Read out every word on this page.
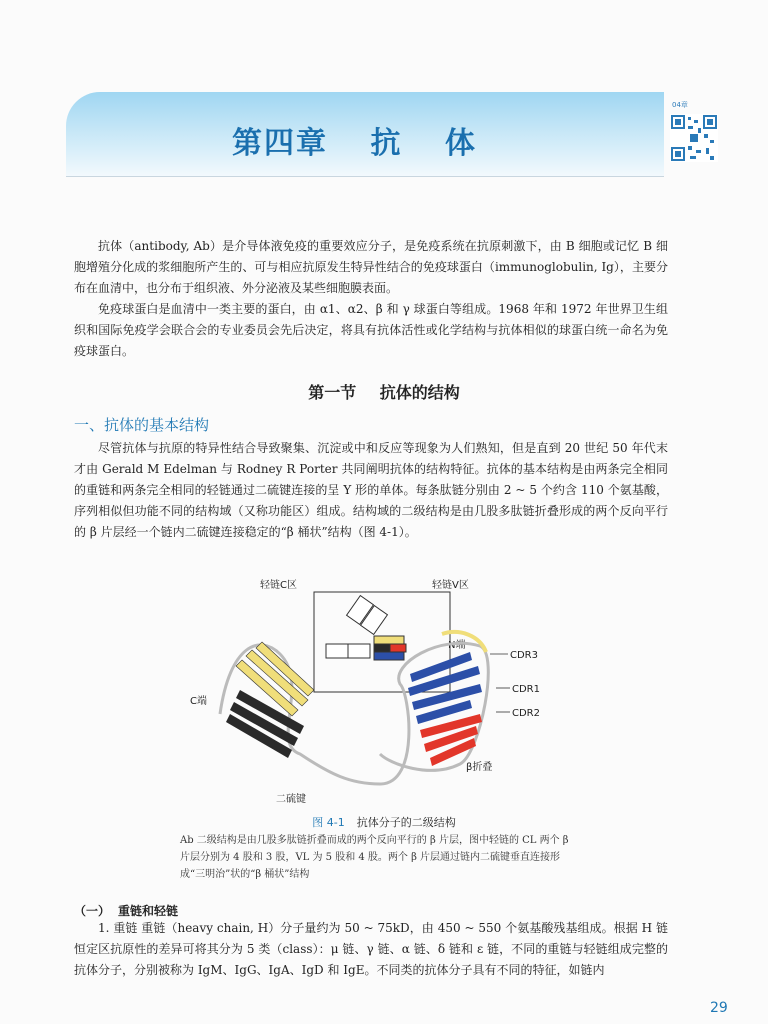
第四章 抗 体
04章

抗体（antibody, Ab）是介导体液免疫的重要效应分子，是免疫系统在抗原刺激下，由 B 细胞或记忆 B 细胞增殖分化成的浆细胞所产生的、可与相应抗原发生特异性结合的免疫球蛋白（immunoglobulin, Ig），主要分布在血清中，也分布于组织液、外分泌液及某些细胞膜表面。

免疫球蛋白是血清中一类主要的蛋白，由 α1、α2、β 和 γ 球蛋白等组成。1968 年和 1972 年世界卫生组织和国际免疫学会联合会的专业委员会先后决定，将具有抗体活性或化学结构与抗体相似的球蛋白统一命名为免疫球蛋白。

第一节 抗体的结构
一、抗体的基本结构

尽管抗体与抗原的特异性结合导致聚集、沉淀或中和反应等现象为人们熟知，但是直到 20 世纪 50 年代末才由 Gerald M Edelman 与 Rodney R Porter 共同阐明抗体的结构特征。抗体的基本结构是由两条完全相同的重链和两条完全相同的轻链通过二硫键连接的呈 Y 形的单体。每条肽链分别由 2 ~ 5 个约含 110 个氨基酸，序列相似但功能不同的结构域（又称功能区）组成。结构域的二级结构是由几股多肽链折叠形成的两个反向平行的 β 片层经一个链内二硫键连接稳定的“β 桶状”结构（图 4-1）。

轻链C区	轻链V区
N端
CDR3
CDR1
CDR2
C端
β折叠
二硫键
图 4-1 抗体分子的二级结构

Ab 二级结构是由几股多肽链折叠而成的两个反向平行的 β 片层，图中轻链的 CL 两个 β 片层分别为 4 股和 3 股，VL 为 5 股和 4 股。两个 β 片层通过链内二硫键垂直连接形成“三明治”状的“β 桶状”结构

（一） 重链和轻链

1. 重链 重链（heavy chain, H）分子量约为 50 ~ 75kD，由 450 ~ 550 个氨基酸残基组成。根据 H 链恒定区抗原性的差异可将其分为 5 类（class）：μ 链、γ 链、α 链、δ 链和 ε 链，不同的重链与轻链组成完整的抗体分子，分别被称为 IgM、IgG、IgA、IgD 和 IgE。不同类的抗体分子具有不同的特征，如链内

29
